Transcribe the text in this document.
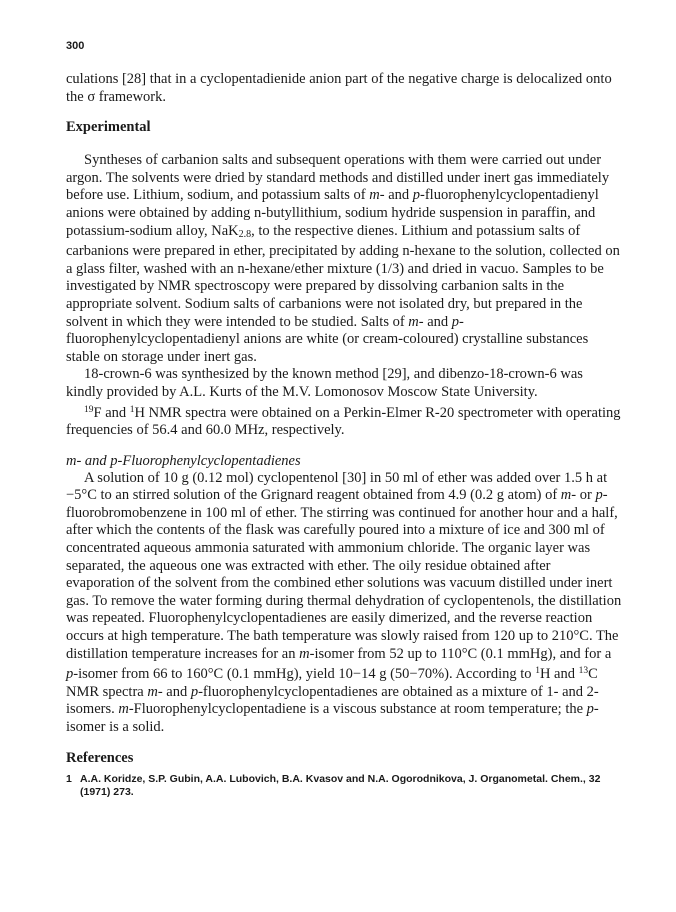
300

culations [28] that in a cyclopentadienide anion part of the negative charge is delocalized onto the σ framework.

Experimental

Syntheses of carbanion salts and subsequent operations with them were carried out under argon. The solvents were dried by standard methods and distilled under inert gas immediately before use. Lithium, sodium, and potassium salts of m- and p-fluorophenylcyclopentadienyl anions were obtained by adding n-butyllithium, sodium hydride suspension in paraffin, and potassium-sodium alloy, NaK$_{2.8}$, to the respective dienes. Lithium and potassium salts of carbanions were prepared in ether, precipitated by adding n-hexane to the solution, collected on a glass filter, washed with an n-hexane/ether mixture (1/3) and dried in vacuo. Samples to be investigated by NMR spectroscopy were prepared by dissolving carbanion salts in the appropriate solvent. Sodium salts of carbanions were not isolated dry, but prepared in the solvent in which they were intended to be studied. Salts of m- and p-fluorophenylcyclopentadienyl anions are white (or cream-coloured) crystalline substances stable on storage under inert gas.

18-crown-6 was synthesized by the known method [29], and dibenzo-18-crown-6 was kindly provided by A.L. Kurts of the M.V. Lomonosov Moscow State University.

$^{19}$F and $^1$H NMR spectra were obtained on a Perkin-Elmer R-20 spectrometer with operating frequencies of 56.4 and 60.0 MHz, respectively.

m- and p-Fluorophenylcyclopentadienes

A solution of 10 g (0.12 mol) cyclopentenol [30] in 50 ml of ether was added over 1.5 h at −5°C to an stirred solution of the Grignard reagent obtained from 4.9 (0.2 g atom) of m- or p-fluorobromobenzene in 100 ml of ether. The stirring was continued for another hour and a half, after which the contents of the flask was carefully poured into a mixture of ice and 300 ml of concentrated aqueous ammonia saturated with ammonium chloride. The organic layer was separated, the aqueous one was extracted with ether. The oily residue obtained after evaporation of the solvent from the combined ether solutions was vacuum distilled under inert gas. To remove the water forming during thermal dehydration of cyclopentenols, the distillation was repeated. Fluorophenylcyclopentadienes are easily dimerized, and the reverse reaction occurs at high temperature. The bath temperature was slowly raised from 120 up to 210°C. The distillation temperature increases for an m-isomer from 52 up to 110°C (0.1 mmHg), and for a p-isomer from 66 to 160°C (0.1 mmHg), yield 10−14 g (50−70%). According to $^1$H and $^{13}$C NMR spectra m- and p-fluorophenylcyclopentadienes are obtained as a mixture of 1- and 2-isomers. m-Fluorophenylcyclopentadiene is a viscous substance at room temperature; the p-isomer is a solid.

References
1 A.A. Koridze, S.P. Gubin, A.A. Lubovich, B.A. Kvasov and N.A. Ogorodnikova, J. Organometal. Chem., 32 (1971) 273.
